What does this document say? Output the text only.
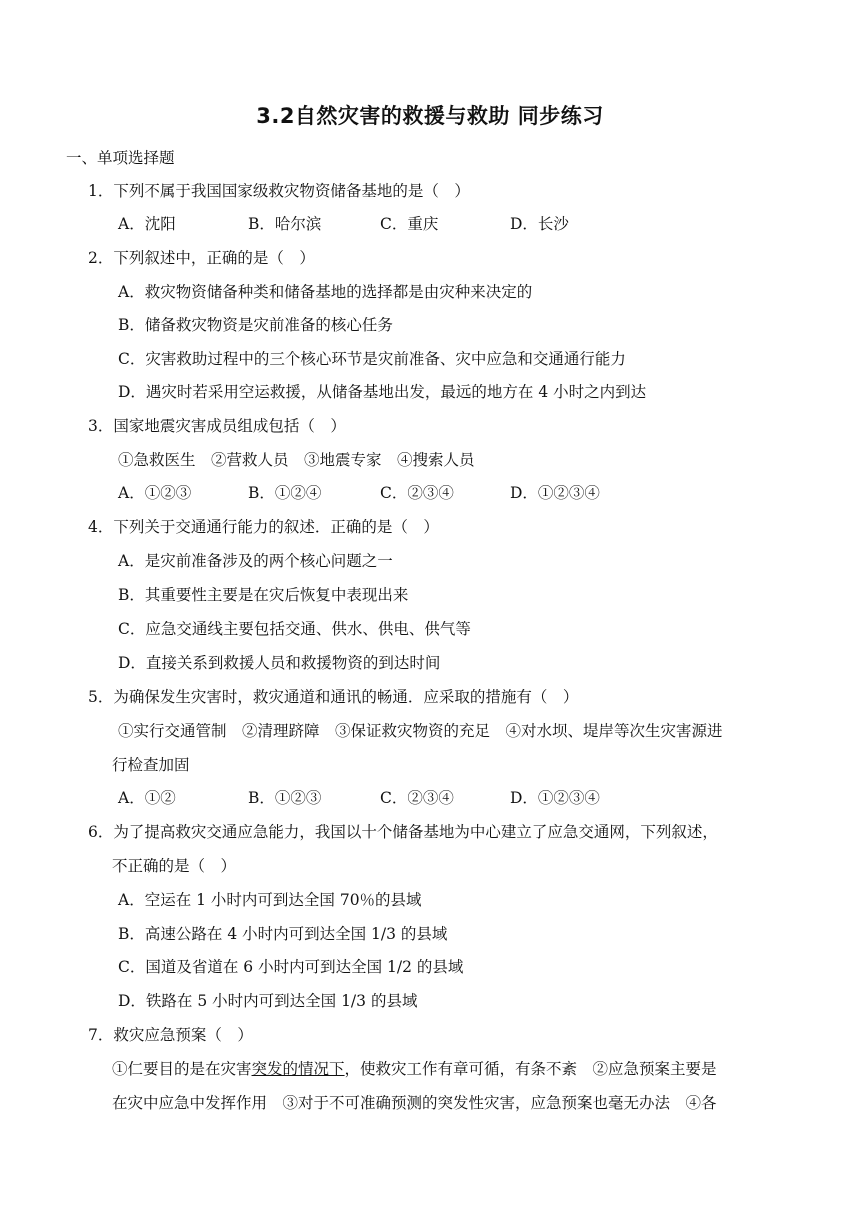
3.2自然灾害的救援与救助 同步练习
一、单项选择题
1．下列不属于我国国家级救灾物资储备基地的是（　）
A．沈阳	B．哈尔滨	C．重庆	D．长沙
2．下列叙述中，正确的是（　）
A．救灾物资储备种类和储备基地的选择都是由灾种来决定的
B．储备救灾物资是灾前准备的核心任务
C．灾害救助过程中的三个核心环节是灾前准备、灾中应急和交通通行能力
D．遇灾时若采用空运救援，从储备基地出发，最远的地方在 4 小时之内到达
3．国家地震灾害成员组成包括（　）
①急救医生　②营救人员　③地震专家　④搜索人员
A．①②③	B．①②④	C．②③④	D．①②③④
4．下列关于交通通行能力的叙述．正确的是（　）
A．是灾前准备涉及的两个核心问题之一
B．其重要性主要是在灾后恢复中表现出来
C．应急交通线主要包括交通、供水、供电、供气等
D．直接关系到救援人员和救援物资的到达时间
5．为确保发生灾害时，救灾通道和通讯的畅通．应采取的措施有（　）
①实行交通管制　②清理跻障　③保证救灾物资的充足　④对水坝、堤岸等次生灾害源进
行检查加固
A．①②	B．①②③	C．②③④	D．①②③④
6．为了提高救灾交通应急能力，我国以十个储备基地为中心建立了应急交通网，下列叙述，
不正确的是（　）
A．空运在 1 小时内可到达全国 70％的县域
B．高速公路在 4 小时内可到达全国 1/3 的县域
C．国道及省道在 6 小时内可到达全国 1/2 的县域
D．铁路在 5 小时内可到达全国 1/3 的县域
7．救灾应急预案（　）
①仁要目的是在灾害突发的情况下，使救灾工作有章可循，有条不紊　②应急预案主要是
在灾中应急中发挥作用　③对于不可准确预测的突发性灾害，应急预案也毫无办法　④各
